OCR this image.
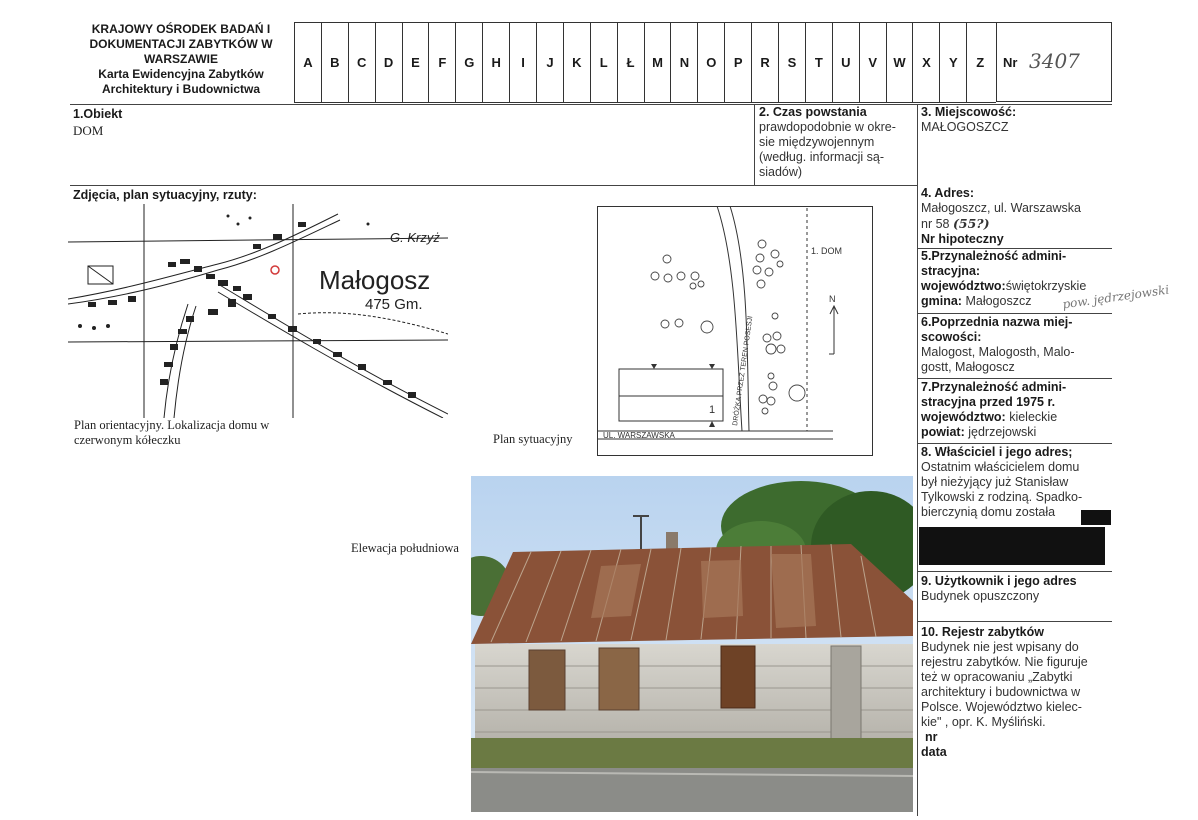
KRAJOWY OŚRODEK BADAŃ I
DOKUMENTACJI ZABYTKÓW W
WARSZAWIE
Karta Ewidencyjna Zabytków
Architektury i Budownictwa
A	B	C	D	E	F	G	H	I	J	K	L	Ł	M	N	O	P	R	S	T	U	V	W	X	Y	Z	Nr 3407
1.Obiekt
DOM
2. Czas powstania
prawdopodobnie w okre-
sie międzywojennym
(według. informacji są-
siadów)
3. Miejscowość:
MAŁOGOSZCZ
4. Adres:
Małogoszcz, ul. Warszawska
nr 58 (55?)
Nr hipoteczny
5.Przynależność admini-
stracyjna:
województwo:świętokrzyskie
gmina: Małogoszcz	pow. jędrzejowski
6.Poprzednia nazwa miej-
scowości:
Malogost, Malogosth, Malo-
gostt, Małogoscz
7.Przynależność admini-
stracyjna przed 1975 r.
województwo: kieleckie
powiat: jędrzejowski
8. Właściciel i jego adres;
Ostatnim właścicielem domu
był nieżyjący już Stanisław
Tylkowski z rodziną. Spadko-
bierczynią domu została
9. Użytkownik i jego adres
Budynek opuszczony
10. Rejestr zabytków
Budynek nie jest wpisany do
rejestru zabytków. Nie figuruje
też w opracowaniu „Zabytki
architektury i budownictwa w
Polsce. Województwo kielec-
kie" , opr. K. Myśliński.
nr
data
Zdjęcia, plan sytuacyjny, rzuty:
Małogosz
475 Gm.
G. Krzyż
Plan orientacyjny. Lokalizacja domu w
czerwonym kółeczku	Plan sytuacyjny
1. DOM
N
1
UL. WARSZAWSKA
DRÓŻKA PRZEZ TEREN POSESJI
Elewacja południowa
